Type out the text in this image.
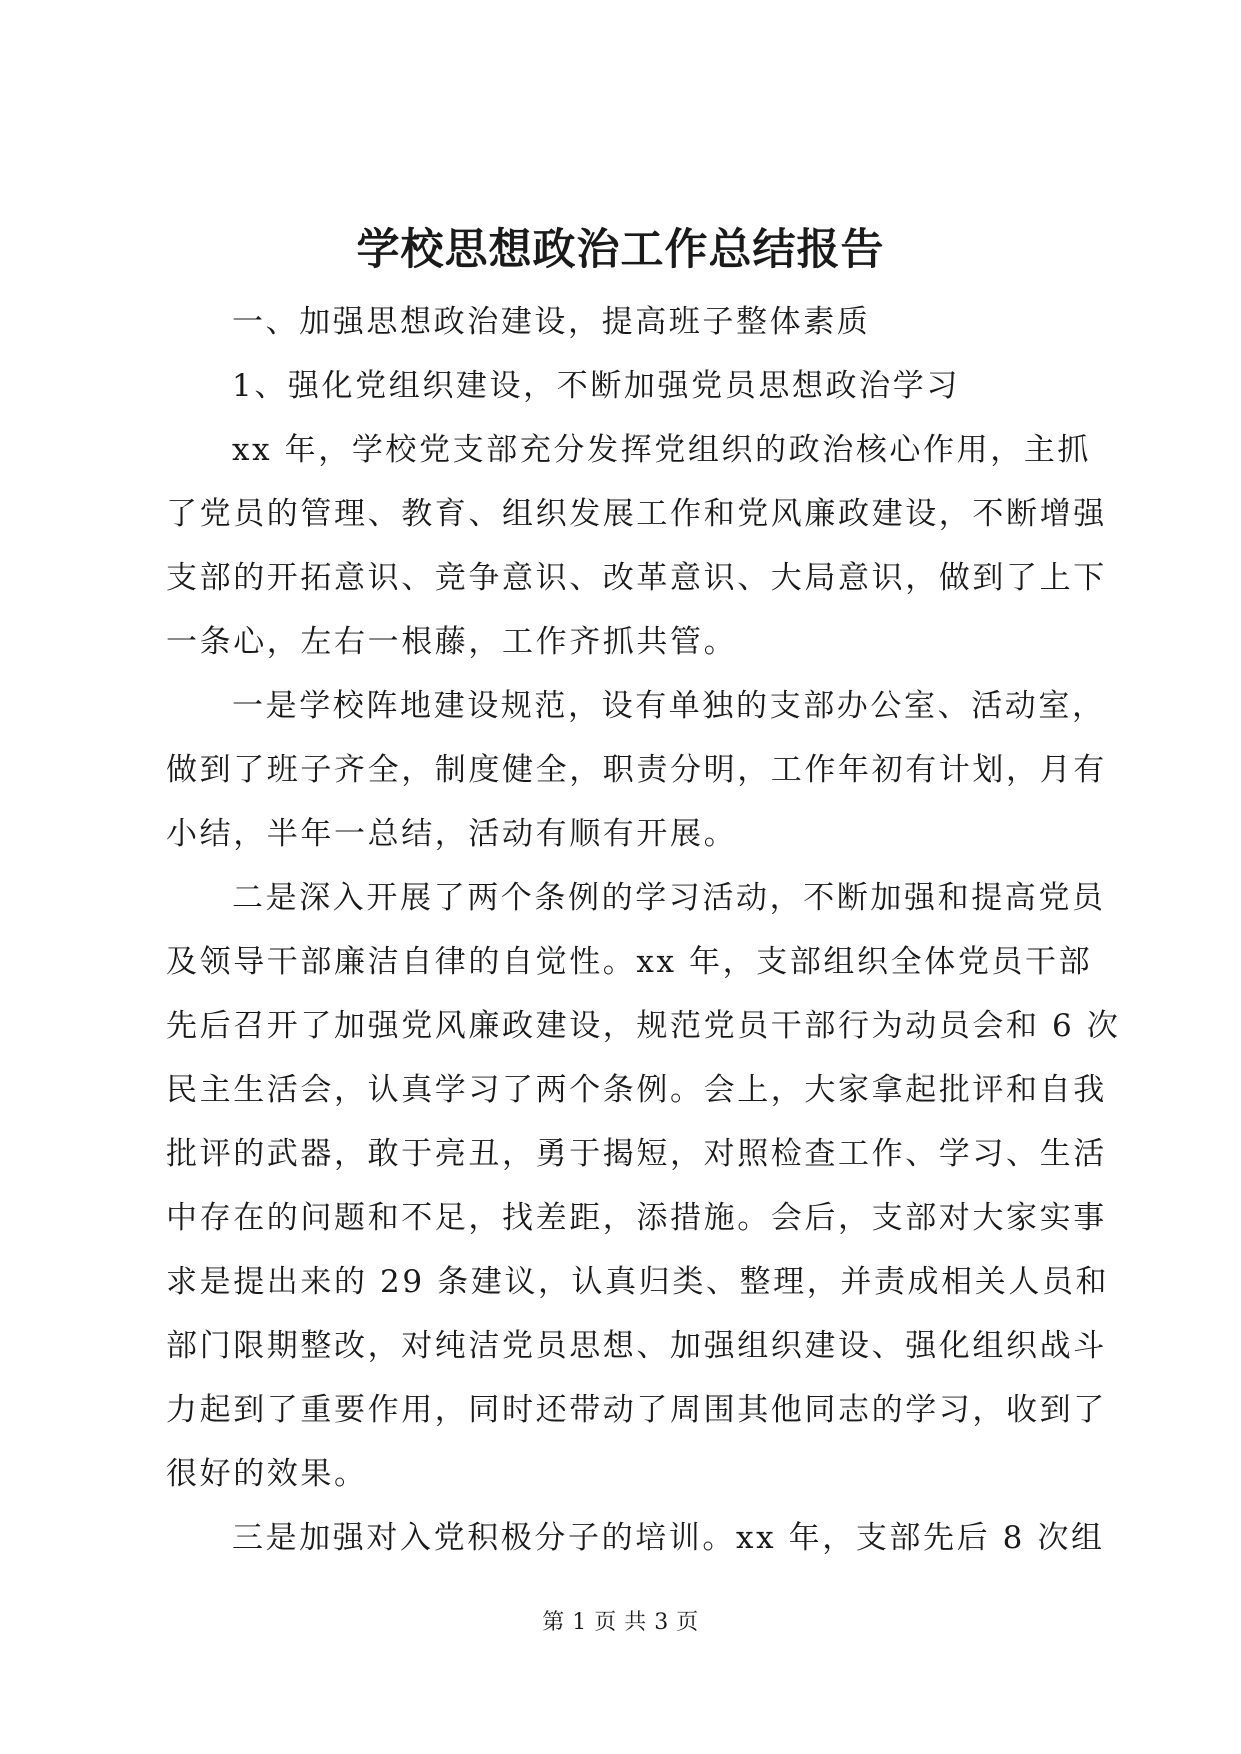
学校思想政治工作总结报告
一、加强思想政治建设，提高班子整体素质
1、强化党组织建设，不断加强党员思想政治学习
xx 年，学校党支部充分发挥党组织的政治核心作用，主抓
了党员的管理、教育、组织发展工作和党风廉政建设，不断增强
支部的开拓意识、竞争意识、改革意识、大局意识，做到了上下
一条心，左右一根藤，工作齐抓共管。
一是学校阵地建设规范，设有单独的支部办公室、活动室，
做到了班子齐全，制度健全，职责分明，工作年初有计划，月有
小结，半年一总结，活动有顺有开展。
二是深入开展了两个条例的学习活动，不断加强和提高党员
及领导干部廉洁自律的自觉性。xx 年，支部组织全体党员干部
先后召开了加强党风廉政建设，规范党员干部行为动员会和 6 次
民主生活会，认真学习了两个条例。会上，大家拿起批评和自我
批评的武器，敢于亮丑，勇于揭短，对照检查工作、学习、生活
中存在的问题和不足，找差距，添措施。会后，支部对大家实事
求是提出来的 29 条建议，认真归类、整理，并责成相关人员和
部门限期整改，对纯洁党员思想、加强组织建设、强化组织战斗
力起到了重要作用，同时还带动了周围其他同志的学习，收到了
很好的效果。
三是加强对入党积极分子的培训。xx 年，支部先后 8 次组
第 1 页 共 3 页
